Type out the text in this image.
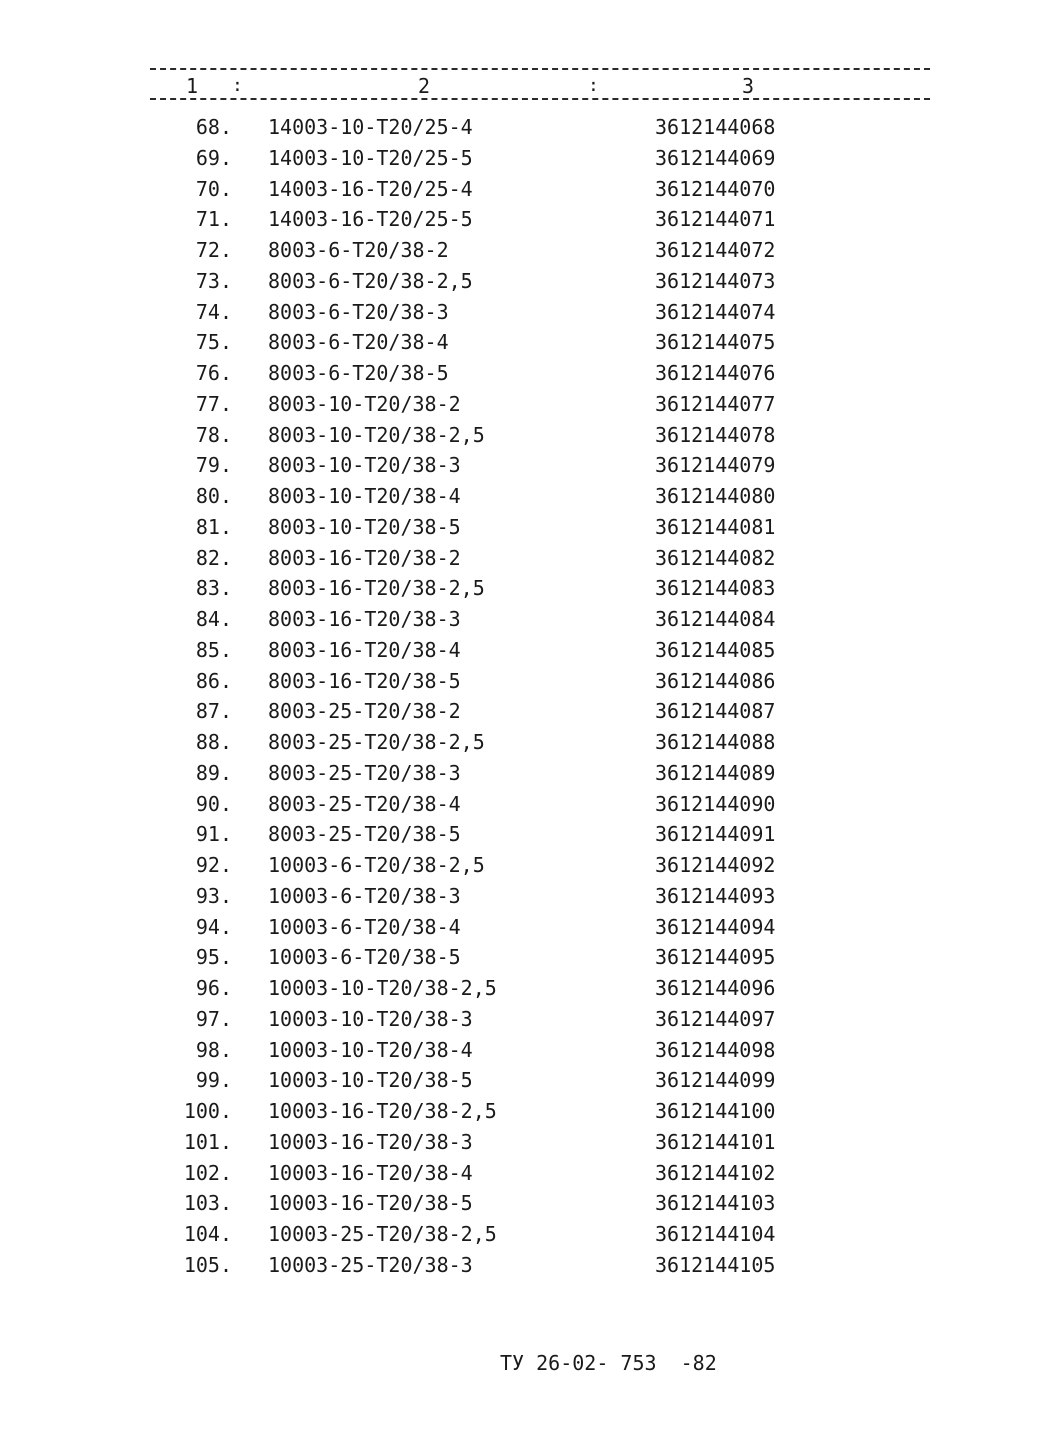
1 :	2	:	3
68. 14003-10-T20/25-4	3612144068
69. 14003-10-T20/25-5	3612144069
70. 14003-16-T20/25-4	3612144070
71. 14003-16-T20/25-5	3612144071
72. 8003-6-T20/38-2	3612144072
73. 8003-6-T20/38-2,5	3612144073
74. 8003-6-T20/38-3	3612144074
75. 8003-6-T20/38-4	3612144075
76. 8003-6-T20/38-5	3612144076
77. 8003-10-T20/38-2	3612144077
78. 8003-10-T20/38-2,5	3612144078
79. 8003-10-T20/38-3	3612144079
80. 8003-10-T20/38-4	3612144080
81. 8003-10-T20/38-5	3612144081
82. 8003-16-T20/38-2	3612144082
83. 8003-16-T20/38-2,5	3612144083
84. 8003-16-T20/38-3	3612144084
85. 8003-16-T20/38-4	3612144085
86. 8003-16-T20/38-5	3612144086
87. 8003-25-T20/38-2	3612144087
88. 8003-25-T20/38-2,5	3612144088
89. 8003-25-T20/38-3	3612144089
90. 8003-25-T20/38-4	3612144090
91. 8003-25-T20/38-5	3612144091
92. 10003-6-T20/38-2,5	3612144092
93. 10003-6-T20/38-3	3612144093
94. 10003-6-T20/38-4	3612144094
95. 10003-6-T20/38-5	3612144095
96. 10003-10-T20/38-2,5	3612144096
97. 10003-10-T20/38-3	3612144097
98. 10003-10-T20/38-4	3612144098
99. 10003-10-T20/38-5	3612144099
100. 10003-16-T20/38-2,5	3612144100
101. 10003-16-T20/38-3	3612144101
102. 10003-16-T20/38-4	3612144102
103. 10003-16-T20/38-5	3612144103
104. 10003-25-T20/38-2,5	3612144104
105. 10003-25-T20/38-3	3612144105
ТУ 26-02- 753 -82
